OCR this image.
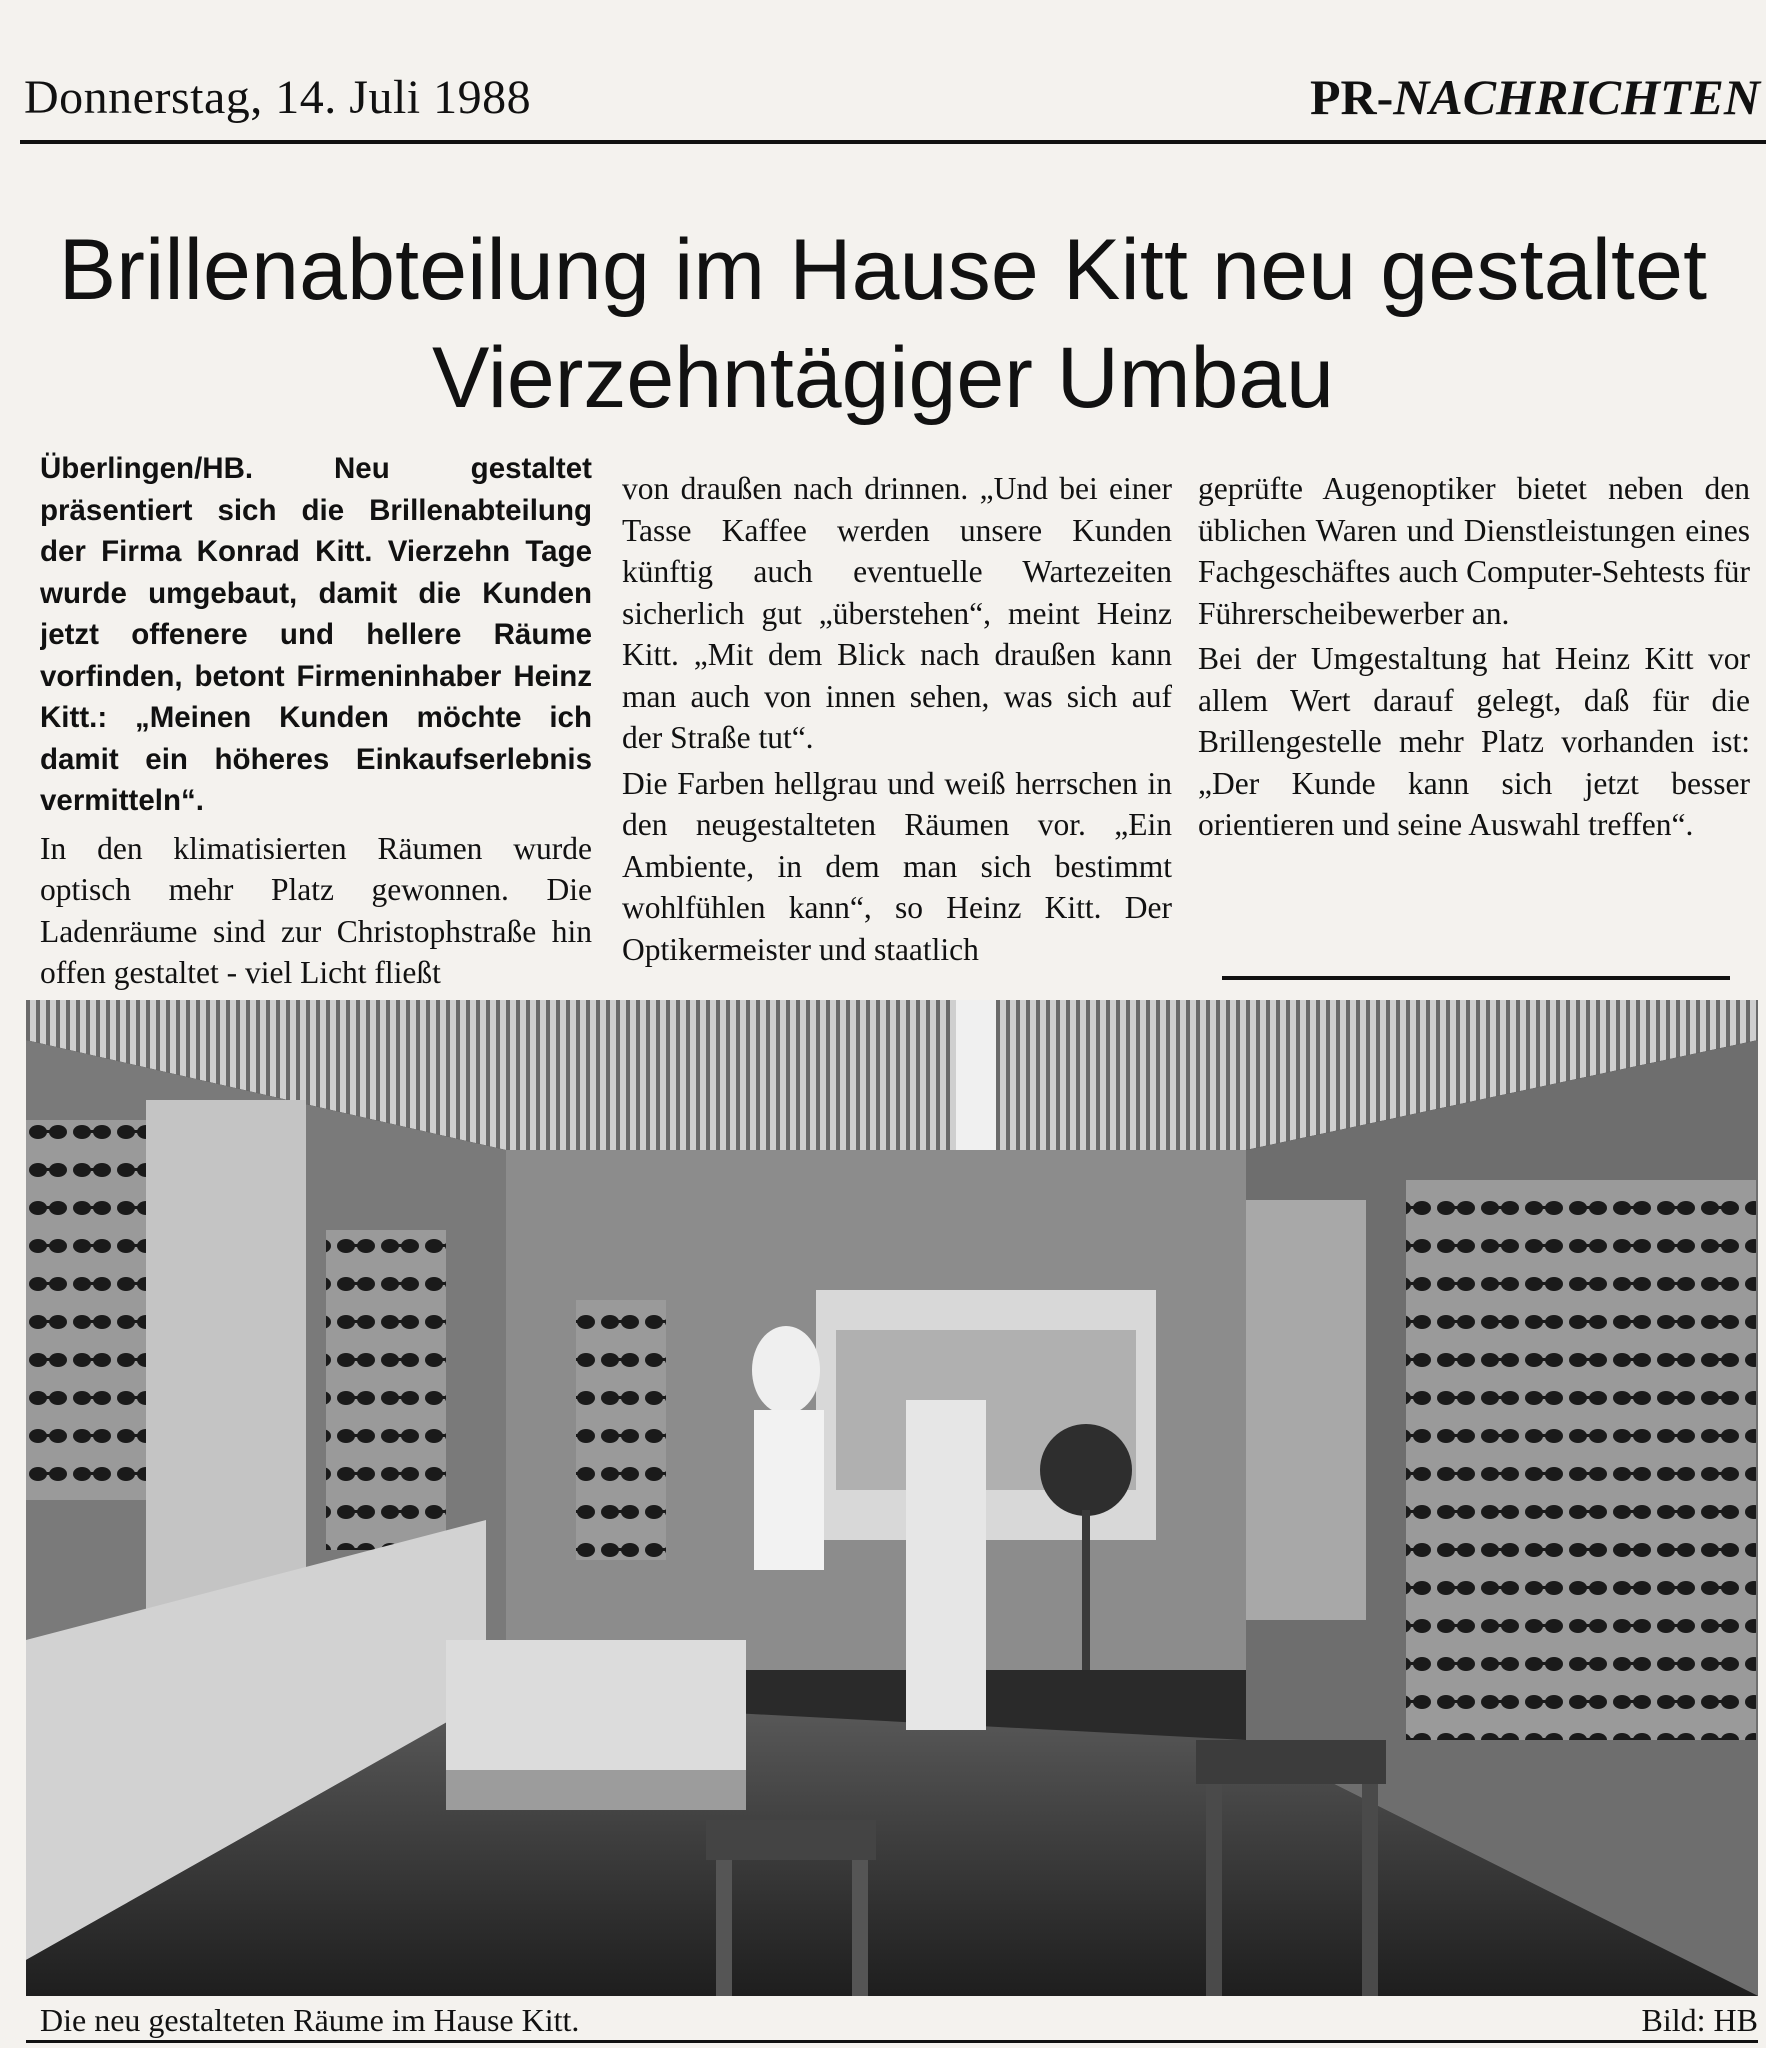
Donnerstag, 14. Juli 1988	PR-NACHRICHTEN
Brillenabteilung im Hause Kitt neu gestaltet
Vierzehntägiger Umbau

Überlingen/HB. Neu gestaltet präsentiert sich die Brillenabteilung der Firma Konrad Kitt. Vierzehn Tage wurde umgebaut, damit die Kunden jetzt offenere und hellere Räume vorfinden, betont Firmeninhaber Heinz Kitt.: „Meinen Kunden möchte ich damit ein höheres Einkaufserlebnis vermitteln“.

In den klimatisierten Räumen wurde optisch mehr Platz gewonnen. Die Ladenräume sind zur Christophstraße hin offen gestaltet - viel Licht fließt

von draußen nach drinnen. „Und bei einer Tasse Kaffee werden unsere Kunden künftig auch eventuelle Wartezeiten sicherlich gut „überstehen“, meint Heinz Kitt. „Mit dem Blick nach draußen kann man auch von innen sehen, was sich auf der Straße tut“.

Die Farben hellgrau und weiß herrschen in den neugestalteten Räumen vor. „Ein Ambiente, in dem man sich bestimmt wohlfühlen kann“, so Heinz Kitt. Der Optikermeister und staatlich

geprüfte Augenoptiker bietet neben den üblichen Waren und Dienstleistungen eines Fachgeschäftes auch Computer-Sehtests für Führerscheibewerber an.

Bei der Umgestaltung hat Heinz Kitt vor allem Wert darauf gelegt, daß für die Brillengestelle mehr Platz vorhanden ist: „Der Kunde kann sich jetzt besser orientieren und seine Auswahl treffen“.

Die neu gestalteten Räume im Hause Kitt.	Bild: HB
